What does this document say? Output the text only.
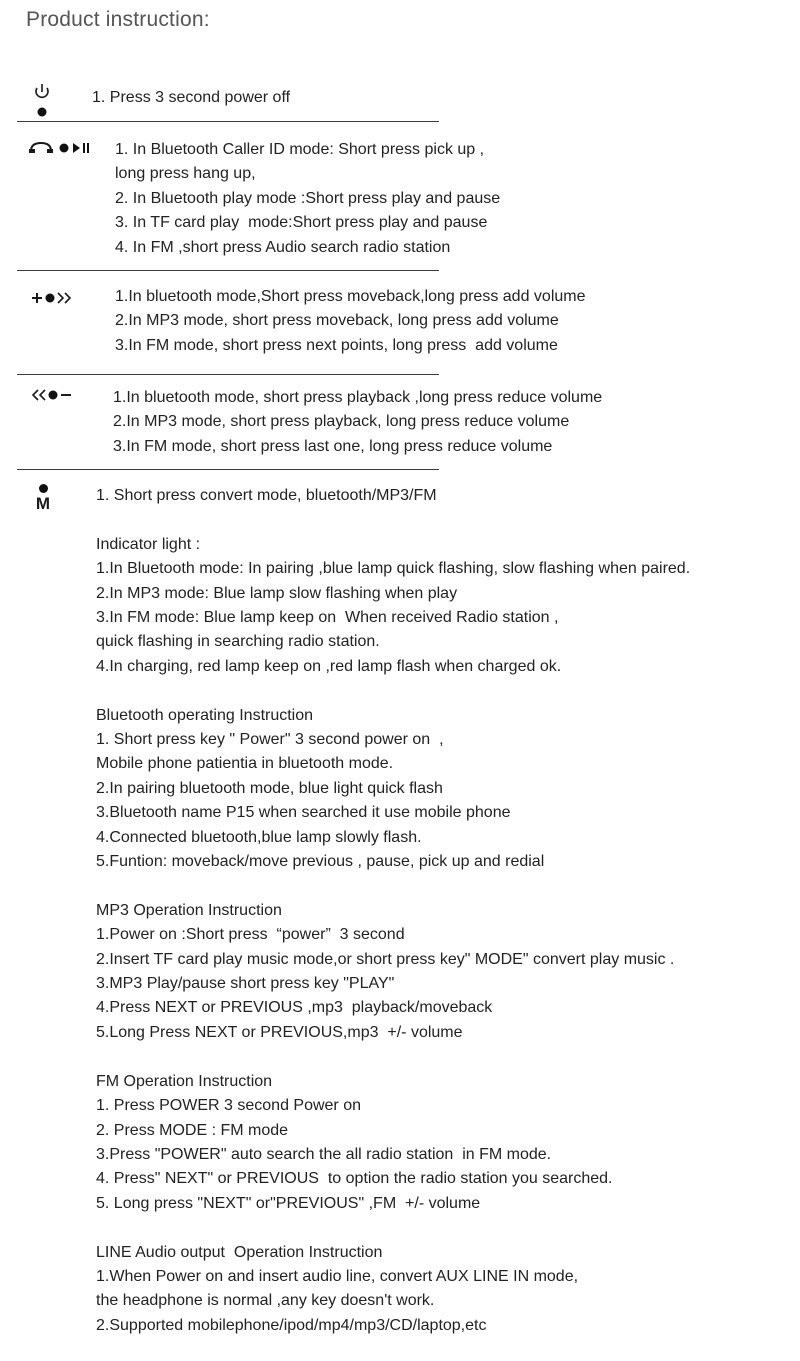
Product instruction:
1. Press 3 second power off
1. In Bluetooth Caller ID mode: Short press pick up ,
long press hang up,
2. In Bluetooth play mode :Short press play and pause
3. In TF card play  mode:Short press play and pause
4. In FM ,short press Audio search radio station
1.In bluetooth mode,Short press moveback,long press add volume
2.In MP3 mode, short press moveback, long press add volume
3.In FM mode, short press next points, long press  add volume
1.In bluetooth mode, short press playback ,long press reduce volume
2.In MP3 mode, short press playback, long press reduce volume
3.In FM mode, short press last one, long press reduce volume
M	1. Short press convert mode, bluetooth/MP3/FM
Indicator light :
1.In Bluetooth mode: In pairing ,blue lamp quick flashing, slow flashing when paired.
2.In MP3 mode: Blue lamp slow flashing when play
3.In FM mode: Blue lamp keep on  When received Radio station ,
quick flashing in searching radio station.
4.In charging, red lamp keep on ,red lamp flash when charged ok.
Bluetooth operating Instruction
1. Short press key " Power" 3 second power on  ,
Mobile phone patientia in bluetooth mode.
2.In pairing bluetooth mode, blue light quick flash
3.Bluetooth name P15 when searched it use mobile phone
4.Connected bluetooth,blue lamp slowly flash.
5.Funtion: moveback/move previous , pause, pick up and redial
MP3 Operation Instruction
1.Power on :Short press  “power”  3 second
2.Insert TF card play music mode,or short press key" MODE" convert play music .
3.MP3 Play/pause short press key "PLAY"
4.Press NEXT or PREVIOUS ,mp3  playback/moveback
5.Long Press NEXT or PREVIOUS,mp3  +/- volume
FM Operation Instruction
1. Press POWER 3 second Power on
2. Press MODE : FM mode
3.Press "POWER" auto search the all radio station  in FM mode.
4. Press" NEXT" or PREVIOUS  to option the radio station you searched.
5. Long press "NEXT" or"PREVIOUS" ,FM  +/- volume
LINE Audio output  Operation Instruction
1.When Power on and insert audio line, convert AUX LINE IN mode,
the headphone is normal ,any key doesn't work.
2.Supported mobilephone/ipod/mp4/mp3/CD/laptop,etc
